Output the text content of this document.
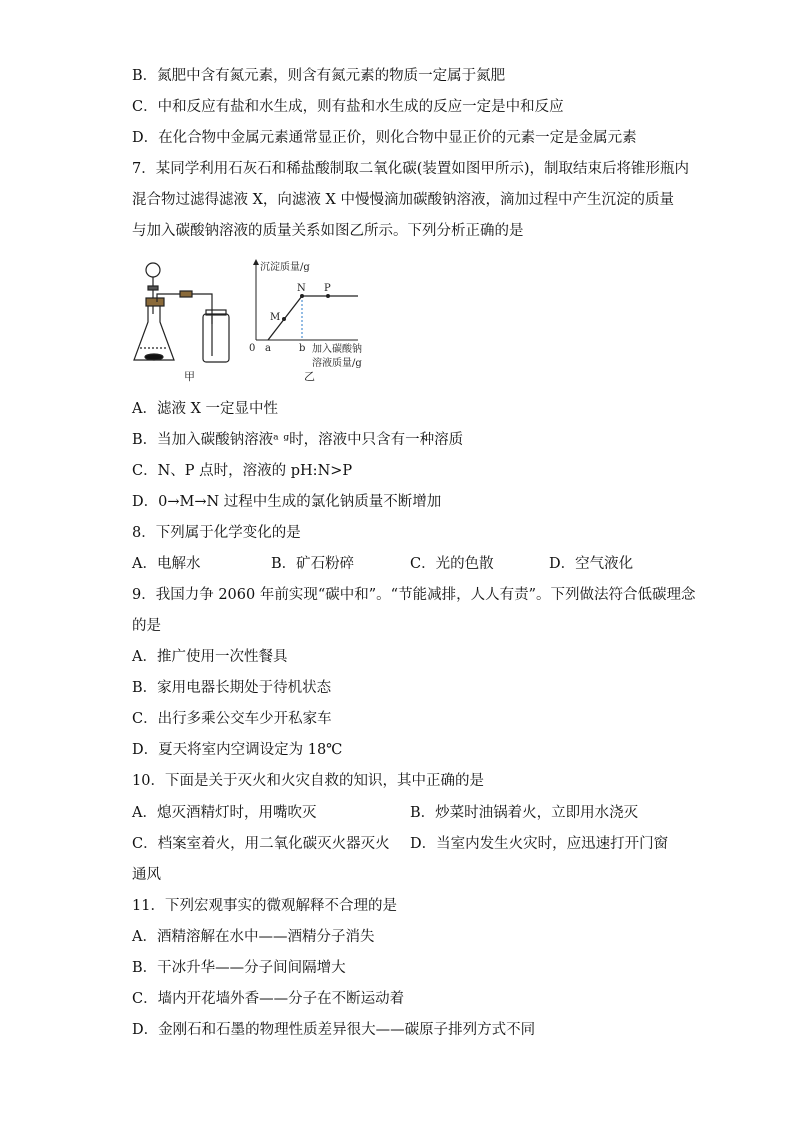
B．氮肥中含有氮元素，则含有氮元素的物质一定属于氮肥
C．中和反应有盐和水生成，则有盐和水生成的反应一定是中和反应
D．在化合物中金属元素通常显正价，则化合物中显正价的元素一定是金属元素
7．某同学利用石灰石和稀盐酸制取二氧化碳(装置如图甲所示)，制取结束后将锥形瓶内
混合物过滤得滤液 X，向滤液 X 中慢慢滴加碳酸钠溶液，滴加过程中产生沉淀的质量
与加入碳酸钠溶液的质量关系如图乙所示。下列分析正确的是
甲
沉淀质量/g
M
N P
0 a	b 加入碳酸钠
溶液质量/g
乙
A．滤液 X 一定显中性
B．当加入碳酸钠溶液ᵃ ᵍ时，溶液中只含有一种溶质
C．N、P 点时，溶液的 pH:N>P
D．0→M→N 过程中生成的氯化钠质量不断增加
8．下列属于化学变化的是
A．电解水	B．矿石粉碎	C．光的色散	D．空气液化
9．我国力争 2060 年前实现“碳中和”。“节能减排，人人有责”。下列做法符合低碳理念
的是
A．推广使用一次性餐具
B．家用电器长期处于待机状态
C．出行多乘公交车少开私家车
D．夏天将室内空调设定为 18℃
10．下面是关于灭火和火灾自救的知识，其中正确的是
A．熄灭酒精灯时，用嘴吹灭	B．炒菜时油锅着火，立即用水浇灭
C．档案室着火，用二氧化碳灭火器灭火 D．当室内发生火灾时，应迅速打开门窗
通风
11．下列宏观事实的微观解释不合理的是
A．酒精溶解在水中——酒精分子消失
B．干冰升华——分子间间隔增大
C．墙内开花墙外香——分子在不断运动着
D．金刚石和石墨的物理性质差异很大——碳原子排列方式不同
